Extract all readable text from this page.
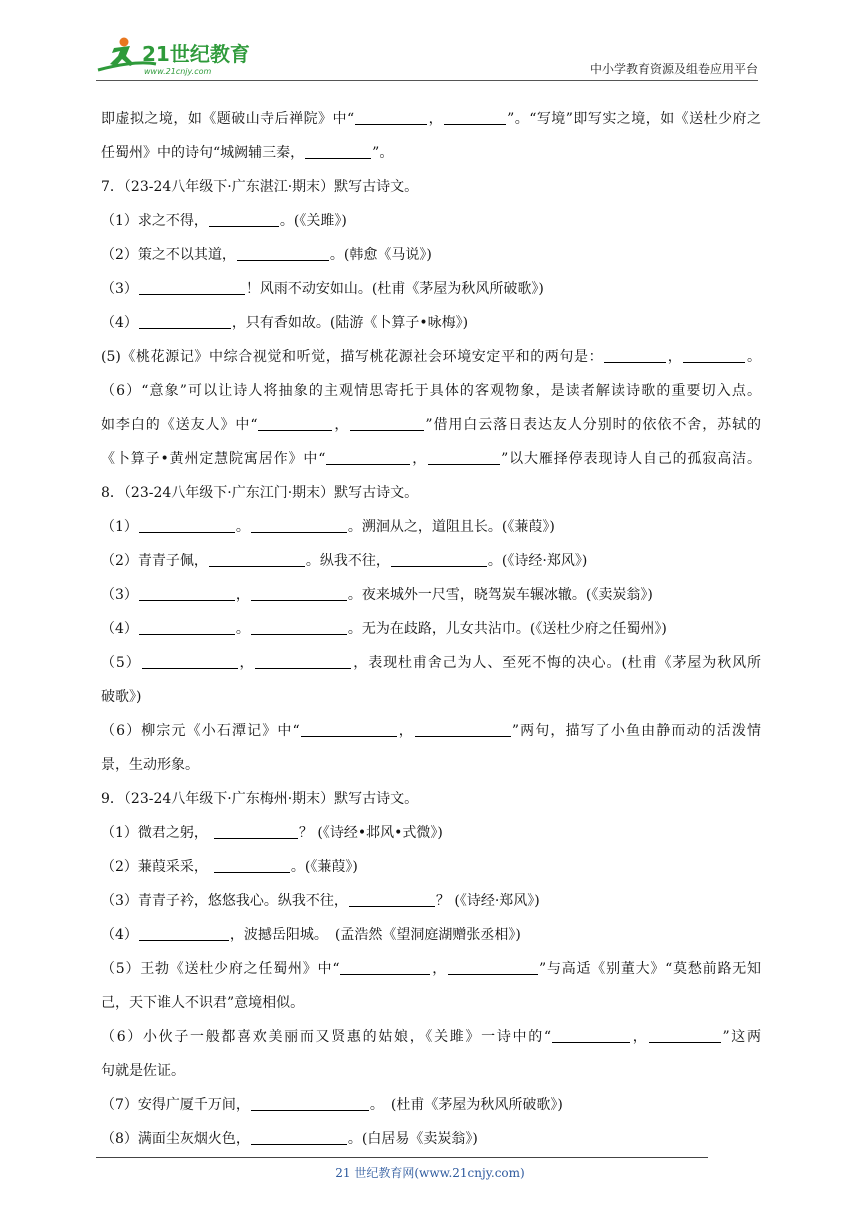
21世纪教育
www.21cnjy.com	中小学教育资源及组卷应用平台
即虚拟之境，如《题破山寺后禅院》中“	，	”。“写境”即写实之境，如《送杜少府之
任蜀州》中的诗句“城阙辅三秦，	”。
7．（23-24八年级下·广东湛江·期末）默写古诗文。
（1）求之不得，	。(《关雎》)
（2）策之不以其道，	。(韩愈《马说》)
（3）	！风雨不动安如山。(杜甫《茅屋为秋风所破歌》)
（4）	，只有香如故。(陆游《卜算子•咏梅》)
(5)《桃花源记》中综合视觉和听觉，描写桃花源社会环境安定平和的两句是：	，	。
（6）“意象”可以让诗人将抽象的主观情思寄托于具体的客观物象，是读者解读诗歌的重要切入点。
如李白的《送友人》中“	，	”借用白云落日表达友人分别时的依依不舍，苏轼的
《卜算子•黄州定慧院寓居作》中“	，	”以大雁择停表现诗人自己的孤寂高洁。
8．（23-24八年级下·广东江门·期末）默写古诗文。
（1）	。	。溯洄从之，道阻且长。(《蒹葭》)
（2）青青子佩，	。纵我不往，	。(《诗经·郑风》)
（3）	，	。夜来城外一尺雪，晓驾炭车辗冰辙。(《卖炭翁》)
（4）	。	。无为在歧路，儿女共沾巾。(《送杜少府之任蜀州》)
（5）	，	，表现杜甫舍己为人、至死不悔的决心。(杜甫《茅屋为秋风所
破歌》)
（6）柳宗元《小石潭记》中“	，	”两句，描写了小鱼由静而动的活泼情
景，生动形象。
9．（23-24八年级下·广东梅州·期末）默写古诗文。
（1）微君之躬，	？ (《诗经•邶风•式微》)
（2）蒹葭采采，	。(《蒹葭》)
（3）青青子衿，悠悠我心。纵我不往，	？ (《诗经·郑风》)
（4）	，波撼岳阳城。　(孟浩然《望洞庭湖赠张丞相》)
（5）王勃《送杜少府之任蜀州》中“	，	”与高适《别董大》“莫愁前路无知
己，天下谁人不识君”意境相似。
（6）小伙子一般都喜欢美丽而又贤惠的姑娘，《关雎》一诗中的“	，	”这两
句就是佐证。
（7）安得广厦千万间，	。　(杜甫《茅屋为秋风所破歌》)
（8）满面尘灰烟火色，	。(白居易《卖炭翁》)
21 世纪教育网(www.21cnjy.com)
